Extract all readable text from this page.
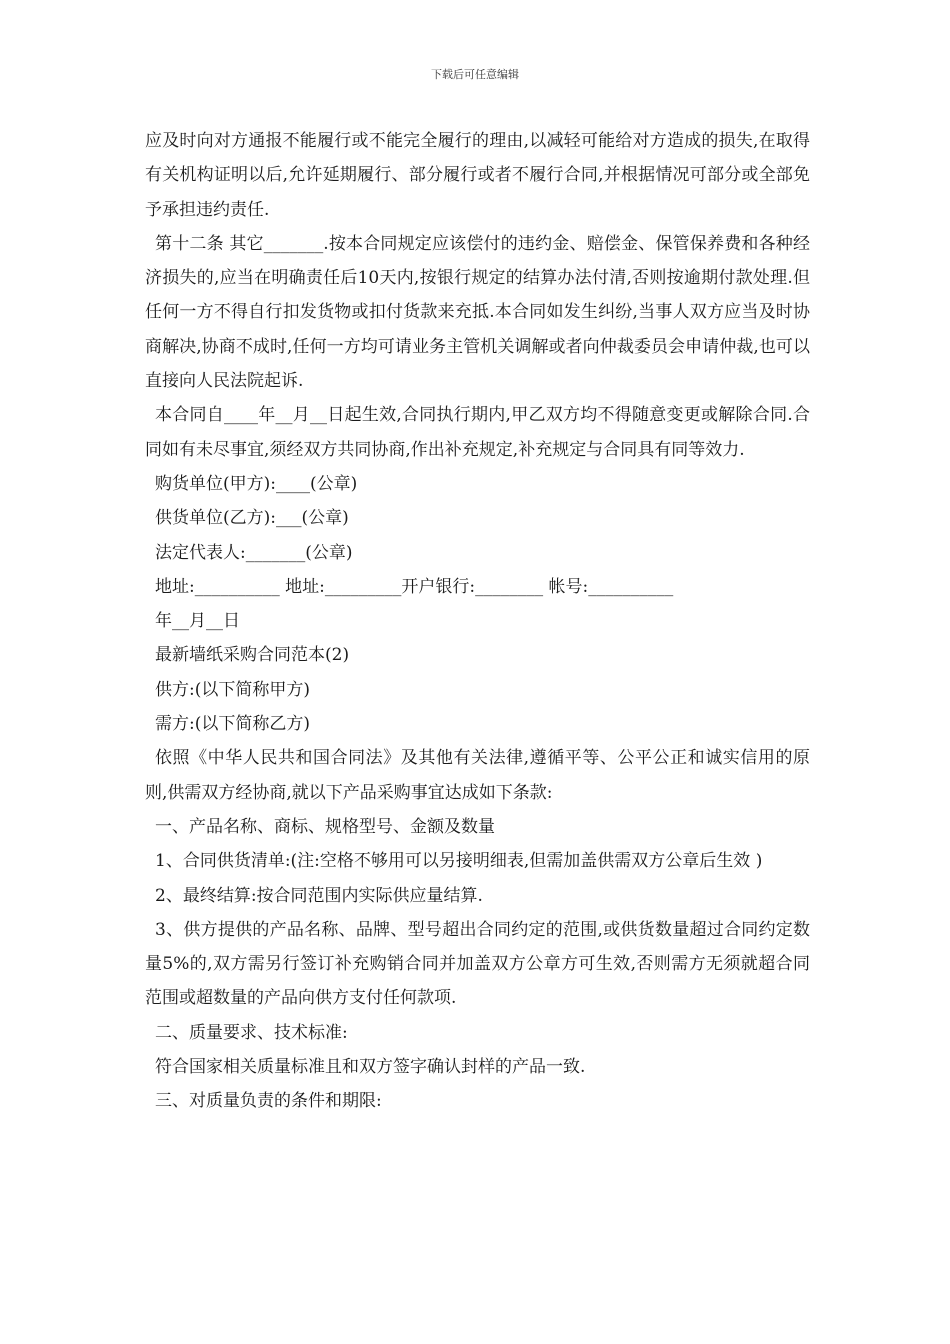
下载后可任意编辑

应及时向对方通报不能履行或不能完全履行的理由,以减轻可能给对方造成的损失,在取得有关机构证明以后,允许延期履行、部分履行或者不履行合同,并根据情况可部分或全部免予承担违约责任.

第十二条 其它_______.按本合同规定应该偿付的违约金、赔偿金、保管保养费和各种经济损失的,应当在明确责任后10天内,按银行规定的结算办法付清,否则按逾期付款处理.但任何一方不得自行扣发货物或扣付货款来充抵.本合同如发生纠纷,当事人双方应当及时协商解决,协商不成时,任何一方均可请业务主管机关调解或者向仲裁委员会申请仲裁,也可以直接向人民法院起诉.

本合同自____年__月__日起生效,合同执行期内,甲乙双方均不得随意变更或解除合同.合同如有未尽事宜,须经双方共同协商,作出补充规定,补充规定与合同具有同等效力.

购货单位(甲方):____(公章)

供货单位(乙方):___(公章)

法定代表人:_______(公章)

地址:__________ 地址:_________开户银行:________ 帐号:__________

年__月__日

最新墙纸采购合同范本(2)

供方:(以下简称甲方)

需方:(以下简称乙方)

依照《中华人民共和国合同法》及其他有关法律,遵循平等、公平公正和诚实信用的原则,供需双方经协商,就以下产品采购事宜达成如下条款:

一、产品名称、商标、规格型号、金额及数量

1、合同供货清单:(注:空格不够用可以另接明细表,但需加盖供需双方公章后生效 )

2、最终结算:按合同范围内实际供应量结算.

3、供方提供的产品名称、品牌、型号超出合同约定的范围,或供货数量超过合同约定数量5%的,双方需另行签订补充购销合同并加盖双方公章方可生效,否则需方无须就超合同范围或超数量的产品向供方支付任何款项.

二、质量要求、技术标准:

符合国家相关质量标准且和双方签字确认封样的产品一致.

三、对质量负责的条件和期限:
